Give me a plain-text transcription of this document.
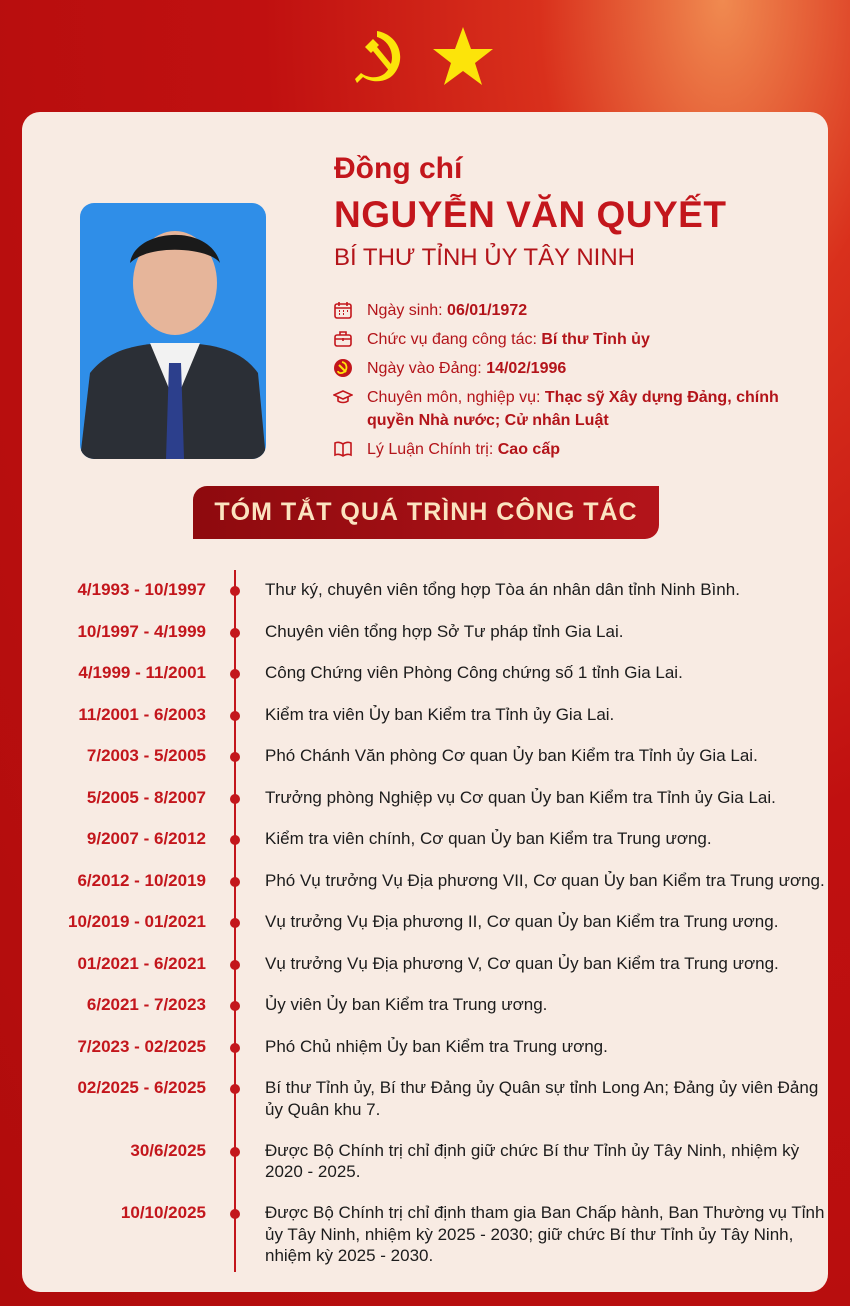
Đồng chí
NGUYỄN VĂN QUYẾT
BÍ THƯ TỈNH ỦY TÂY NINH
Ngày sinh: 06/01/1972
Chức vụ đang công tác: Bí thư Tỉnh ủy
Ngày vào Đảng: 14/02/1996
Chuyên môn, nghiệp vụ: Thạc sỹ Xây dựng Đảng, chính quyền Nhà nước; Cử nhân Luật
Lý Luận Chính trị: Cao cấp
TÓM TẮT QUÁ TRÌNH CÔNG TÁC
4/1993 - 10/1997	Thư ký, chuyên viên tổng hợp Tòa án nhân dân tỉnh Ninh Bình.
10/1997 - 4/1999	Chuyên viên tổng hợp Sở Tư pháp tỉnh Gia Lai.
4/1999 - 11/2001	Công Chứng viên Phòng Công chứng số 1 tỉnh Gia Lai.
11/2001 - 6/2003	Kiểm tra viên Ủy ban Kiểm tra Tỉnh ủy Gia Lai.
7/2003 - 5/2005	Phó Chánh Văn phòng Cơ quan Ủy ban Kiểm tra Tỉnh ủy Gia Lai.
5/2005 - 8/2007	Trưởng phòng Nghiệp vụ Cơ quan Ủy ban Kiểm tra Tỉnh ủy Gia Lai.
9/2007 - 6/2012	Kiểm tra viên chính, Cơ quan Ủy ban Kiểm tra Trung ương.
6/2012 - 10/2019	Phó Vụ trưởng Vụ Địa phương VII, Cơ quan Ủy ban Kiểm tra Trung ương.
10/2019 - 01/2021	Vụ trưởng Vụ Địa phương II, Cơ quan Ủy ban Kiểm tra Trung ương.
01/2021 - 6/2021	Vụ trưởng Vụ Địa phương V, Cơ quan Ủy ban Kiểm tra Trung ương.
6/2021 - 7/2023	Ủy viên Ủy ban Kiểm tra Trung ương.
7/2023 - 02/2025	Phó Chủ nhiệm Ủy ban Kiểm tra Trung ương.
02/2025 - 6/2025	Bí thư Tỉnh ủy, Bí thư Đảng ủy Quân sự tỉnh Long An; Đảng ủy viên Đảng ủy Quân khu 7.
30/6/2025	Được Bộ Chính trị chỉ định giữ chức Bí thư Tỉnh ủy Tây Ninh, nhiệm kỳ 2020 - 2025.
10/10/2025	Được Bộ Chính trị chỉ định tham gia Ban Chấp hành, Ban Thường vụ Tỉnh ủy Tây Ninh, nhiệm kỳ 2025 - 2030; giữ chức Bí thư Tỉnh ủy Tây Ninh, nhiệm kỳ 2025 - 2030.
